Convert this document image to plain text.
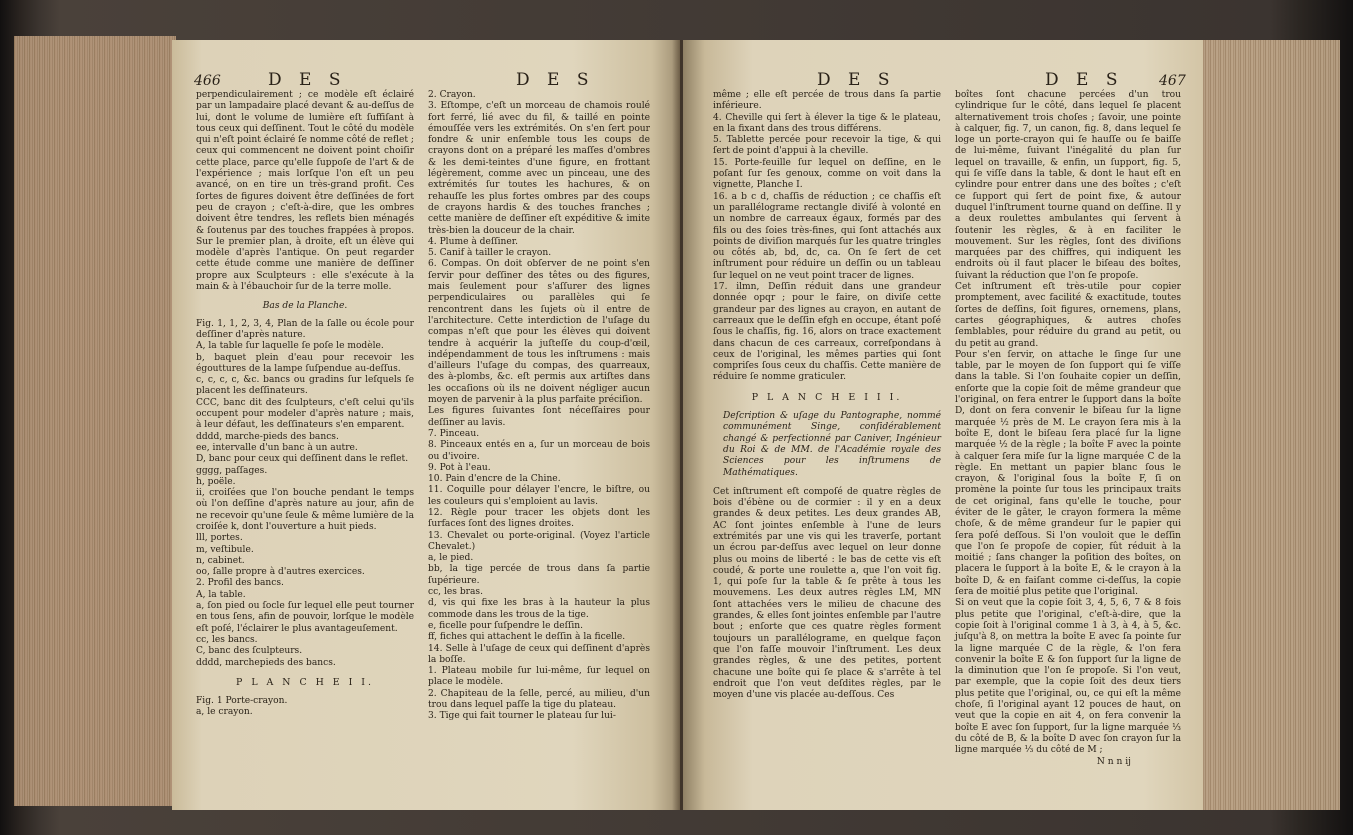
466	D E S	D E S

perpendiculairement ; ce modèle eſt éclairé par un lampadaire placé devant & au-deſſus de lui, dont le volume de lumière eſt ſuffiſant à tous ceux qui deſſinent. Tout le côté du modèle qui n'eſt point éclairé ſe nomme côté de reflet ; ceux qui commencent ne doivent point choiſir cette place, parce qu'elle ſuppoſe de l'art & de l'expérience ; mais lorſque l'on eſt un peu avancé, on en tire un très-grand profit. Ces ſortes de figures doivent être deſſinées de fort peu de crayon ; c'eſt-à-dire, que les ombres doivent être tendres, les reflets bien ménagés & ſoutenus par des touches frappées à propos. Sur le premier plan, à droite, eſt un élève qui modèle d'après l'antique. On peut regarder cette étude comme une manière de deſſiner propre aux Sculpteurs : elle s'exécute à la main & à l'ébauchoir ſur de la terre molle.

Bas de la Planche.

Fig. 1, 1, 2, 3, 4, Plan de la ſalle ou école pour deſſiner d'après nature.

A, la table ſur laquelle ſe poſe le modèle.

b, baquet plein d'eau pour recevoir les égouttures de la lampe ſuſpendue au-deſſus.

c, c, c, c, &c. bancs ou gradins ſur leſquels ſe placent les deſſinateurs.

CCC, banc dit des ſculpteurs, c'eſt celui qu'ils occupent pour modeler d'après nature ; mais, à leur défaut, les deſſinateurs s'en emparent.

dddd, marche-pieds des bancs.

ee, intervalle d'un banc à un autre.

D, banc pour ceux qui deſſinent dans le reflet.

gggg, paſſages.

h, poële.

ii, croiſées que l'on bouche pendant le temps où l'on deſſine d'après nature au jour, afin de ne recevoir qu'une ſeule & même lumière de la croiſée k, dont l'ouverture a huit pieds.

lll, portes.

m, veſtibule.

n, cabinet.

oo, ſalle propre à d'autres exercices.

2. Profil des bancs.

A, la table.

a, ſon pied ou ſocle ſur lequel elle peut tourner en tous ſens, afin de pouvoir, lorſque le modèle eſt poſé, l'éclairer le plus avantageuſement.

cc, les bancs.

C, banc des ſculpteurs.

dddd, marchepieds des bancs.

P L A N C H E I I.

Fig. 1 Porte-crayon.

a, le crayon.

2. Crayon.

3. Eſtompe, c'eſt un morceau de chamois roulé fort ferré, lié avec du fil, & taillé en pointe émouſſée vers les extrémités. On s'en ſert pour fondre & unir enſemble tous les coups de crayons dont on a préparé les maſſes d'ombres & les demi-teintes d'une figure, en frottant légèrement, comme avec un pinceau, une des extrémités ſur toutes les hachures, & on rehauſſe les plus fortes ombres par des coups de crayons hardis & des touches franches ; cette manière de deſſiner eſt expéditive & imite très-bien la douceur de la chair.

4. Plume à deſſiner.

5. Canif à tailler le crayon.

6. Compas. On doit obſerver de ne point s'en ſervir pour deſſiner des têtes ou des figures, mais ſeulement pour s'aſſurer des lignes perpendiculaires ou parallèles qui ſe rencontrent dans les ſujets où il entre de l'architecture. Cette interdiction de l'uſage du compas n'eſt que pour les élèves qui doivent tendre à acquérir la juſteſſe du coup-d'œil, indépendamment de tous les inſtrumens : mais d'ailleurs l'uſage du compas, des quarreaux, des à-plombs, &c. eſt permis aux artiſtes dans les occaſions où ils ne doivent négliger aucun moyen de parvenir à la plus parfaite préciſion.

Les figures ſuivantes ſont néceſſaires pour deſſiner au lavis.

7. Pinceau.

8. Pinceaux entés en a, ſur un morceau de bois ou d'ivoire.

9. Pot à l'eau.

10. Pain d'encre de la Chine.

11. Coquille pour délayer l'encre, le biſtre, ou les couleurs qui s'emploient au lavis.

12. Règle pour tracer les objets dont les ſurfaces ſont des lignes droites.

13. Chevalet ou porte-original. (Voyez l'article Chevalet.)

a, le pied.

bb, la tige percée de trous dans ſa partie ſupérieure.

cc, les bras.

d, vis qui fixe les bras à la hauteur la plus commode dans les trous de la tige.

e, ficelle pour ſuſpendre le deſſin.

ff, fiches qui attachent le deſſin à la ficelle.

14. Selle à l'uſage de ceux qui deſſinent d'après la boſſe.

1. Plateau mobile ſur lui-même, ſur lequel on place le modèle.

2. Chapiteau de la ſelle, percé, au milieu, d'un trou dans lequel paſſe la tige du plateau.

3. Tige qui fait tourner le plateau ſur lui-

D E S	D E S	467

même ; elle eſt percée de trous dans ſa partie inférieure.

4. Cheville qui ſert à élever la tige & le plateau, en la fixant dans des trous différens.

5. Tablette percée pour recevoir la tige, & qui ſert de point d'appui à la cheville.

15. Porte-feuille ſur lequel on deſſine, en le poſant ſur ſes genoux, comme on voit dans la vignette, Planche I.

16. a b c d, chaſſis de réduction ; ce chaſſis eſt un parallélograme rectangle diviſé à volonté en un nombre de carreaux égaux, formés par des fils ou des ſoies très-fines, qui ſont attachés aux points de diviſion marqués ſur les quatre tringles ou côtés ab, bd, dc, ca. On ſe ſert de cet inſtrument pour réduire un deſſin ou un tableau ſur lequel on ne veut point tracer de lignes.

17. ilmn, Deſſin réduit dans une grandeur donnée opqr ; pour le faire, on diviſe cette grandeur par des lignes au crayon, en autant de carreaux que le deſſin efgh en occupe, étant poſé ſous le chaſſis, fig. 16, alors on trace exactement dans chacun de ces carreaux, correſpondans à ceux de l'original, les mêmes parties qui ſont compriſes ſous ceux du chaſſis. Cette manière de réduire ſe nomme graticuler.

P L A N C H E I I I.

Deſcription & uſage du Pantographe, nommé communément Singe, conſidérablement changé & perfectionné par Caniver, Ingénieur du Roi & de MM. de l'Académie royale des Sciences pour les inſtrumens de Mathématiques.

Cet inſtrument eſt compoſé de quatre règles de bois d'ébène ou de cormier : il y en a deux grandes & deux petites. Les deux grandes AB, AC ſont jointes enſemble à l'une de leurs extrémités par une vis qui les traverſe, portant un écrou par-deſſus avec lequel on leur donne plus ou moins de liberté : le bas de cette vis eſt coudé, & porte une roulette a, que l'on voit fig. 1, qui poſe ſur la table & ſe prête à tous les mouvemens. Les deux autres règles LM, MN ſont attachées vers le milieu de chacune des grandes, & elles ſont jointes enſemble par l'autre bout ; enſorte que ces quatre règles forment toujours un parallélograme, en quelque façon que l'on faſſe mouvoir l'inſtrument. Les deux grandes règles, & une des petites, portent chacune une boîte qui ſe place & s'arrête à tel endroit que l'on veut deſdites règles, par le moyen d'une vis placée au-deſſous. Ces

boîtes ſont chacune percées d'un trou cylindrique ſur le côté, dans lequel ſe placent alternativement trois choſes ; ſavoir, une pointe à calquer, fig. 7, un canon, fig. 8, dans lequel ſe loge un porte-crayon qui ſe hauſſe ou ſe baiſſe de lui-même, ſuivant l'inégalité du plan ſur lequel on travaille, & enfin, un ſupport, fig. 5, qui ſe viſſe dans la table, & dont le haut eſt en cylindre pour entrer dans une des boîtes ; c'eſt ce ſupport qui ſert de point fixe, & autour duquel l'inſtrument tourne quand on deſſine. Il y a deux roulettes ambulantes qui ſervent à ſoutenir les règles, & à en faciliter le mouvement. Sur les règles, ſont des diviſions marquées par des chiffres, qui indiquent les endroits où il faut placer le biſeau des boîtes, ſuivant la réduction que l'on ſe propoſe.

Cet inſtrument eſt très-utile pour copier promptement, avec facilité & exactitude, toutes ſortes de deſſins, ſoit figures, ornemens, plans, cartes géographiques, & autres choſes ſemblables, pour réduire du grand au petit, ou du petit au grand.

Pour s'en ſervir, on attache le ſinge ſur une table, par le moyen de ſon ſupport qui ſe viſſe dans la table. Si l'on ſouhaite copier un deſſin, enſorte que la copie ſoit de même grandeur que l'original, on fera entrer le ſupport dans la boîte D, dont on fera convenir le biſeau ſur la ligne marquée ½ près de M. Le crayon ſera mis à la boîte E, dont le biſeau ſera placé ſur la ligne marquée ½ de la règle ; la boîte F avec la pointe à calquer ſera miſe ſur la ligne marquée C de la règle. En mettant un papier blanc ſous le crayon, & l'original ſous la boîte F, ſi on promène la pointe ſur tous les principaux traits de cet original, fans qu'elle le touche, pour éviter de le gâter, le crayon formera la même choſe, & de même grandeur ſur le papier qui ſera poſé deſſous. Si l'on vouloit que le deſſin que l'on ſe propoſe de copier, fût réduit à la moitié ; ſans changer la poſition des boîtes, on placera le ſupport à la boîte E, & le crayon à la boîte D, & en faiſant comme ci-deſſus, la copie ſera de moitié plus petite que l'original.

Si on veut que la copie ſoit 3, 4, 5, 6, 7 & 8 fois plus petite que l'original, c'eſt-à-dire, que la copie ſoit à l'original comme 1 à 3, à 4, à 5, &c. juſqu'à 8, on mettra la boîte E avec ſa pointe ſur la ligne marquée C de la règle, & l'on fera convenir la boîte E & ſon ſupport ſur la ligne de la diminution que l'on ſe propoſe. Si l'on veut, par exemple, que la copie ſoit des deux tiers plus petite que l'original, ou, ce qui eſt la même choſe, ſi l'original ayant 12 pouces de haut, on veut que la copie en ait 4, on fera convenir la boîte E avec ſon ſupport, ſur la ligne marquée ⅓ du côté de B, & la boîte D avec ſon crayon ſur la ligne marquée ⅓ du côté de M ;

N n n ij
